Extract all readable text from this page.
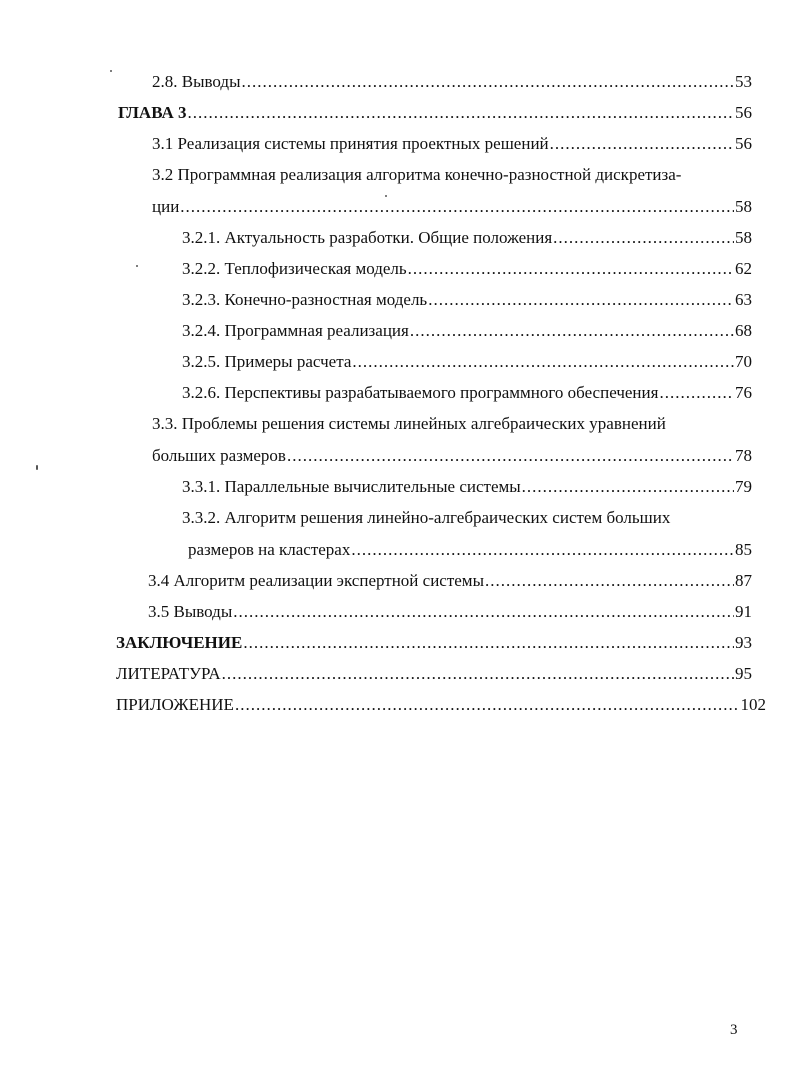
2.8. Выводы .....	53
ГЛАВА 3 .....	56
3.1 Реализация системы принятия проектных решений .....	56
3.2 Программная реализация алгоритма конечно-разностной дискретиза-
ции .....	58
3.2.1. Актуальность разработки. Общие положения .....	58
3.2.2. Теплофизическая модель .....	62
3.2.3. Конечно-разностная модель .....	63
3.2.4. Программная реализация .....	68
3.2.5. Примеры расчета .....	70
3.2.6. Перспективы разрабатываемого программного обеспечения .....	76
3.3. Проблемы решения системы линейных алгебраических уравнений
больших размеров .....	78
3.3.1. Параллельные вычислительные системы .....	79
3.3.2. Алгоритм решения линейно-алгебраических систем больших
размеров на кластерах .....	85
3.4 Алгоритм реализации экспертной системы .....	87
3.5 Выводы .....	91
ЗАКЛЮЧЕНИЕ .....	93
ЛИТЕРАТУРА .....	95
ПРИЛОЖЕНИЕ .....	102
3
